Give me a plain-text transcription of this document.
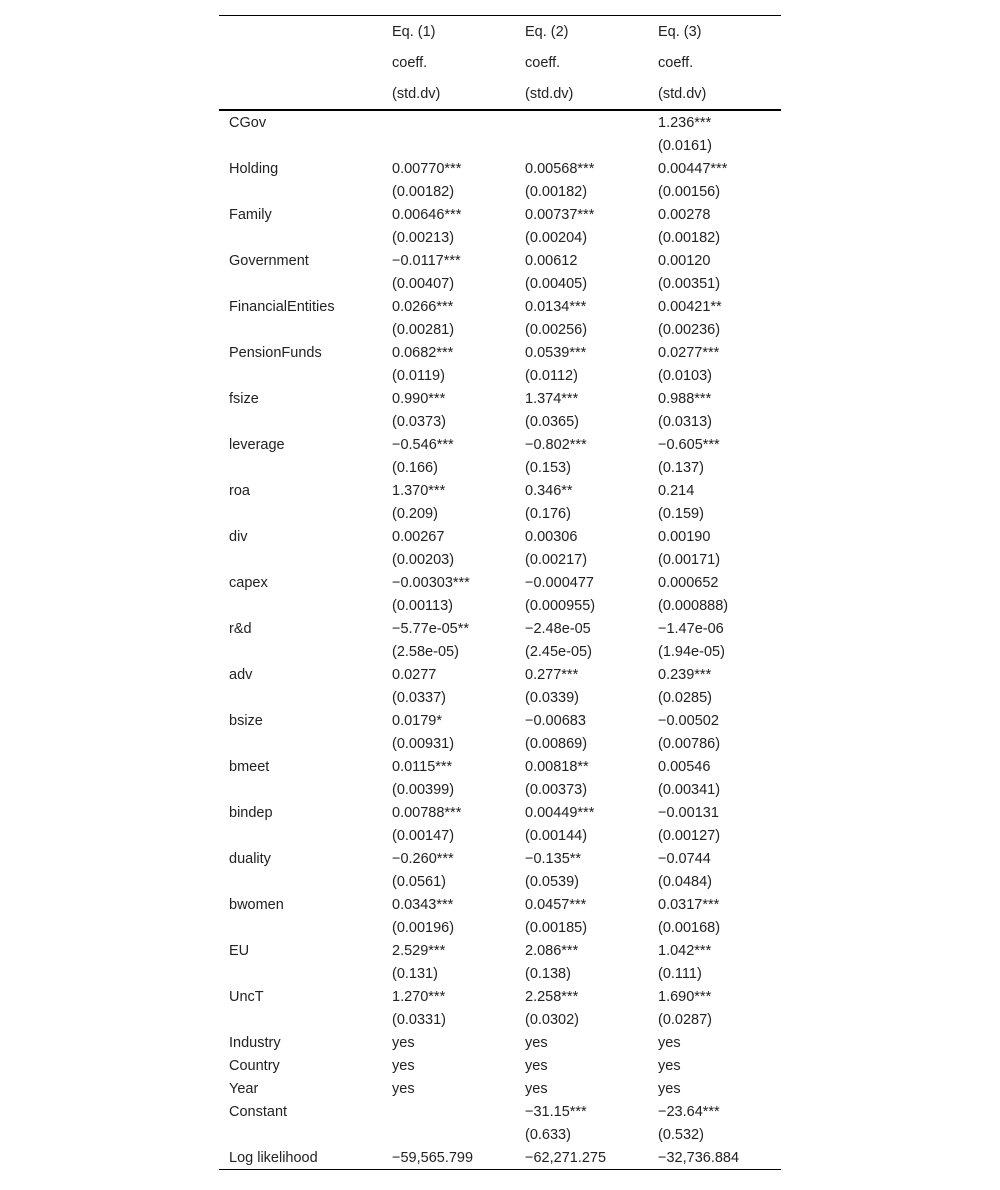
	Eq. (1)	Eq. (2)	Eq. (3)
	coeff.	coeff.	coeff.
	(std.dv)	(std.dv)	(std.dv)
CGov			1.236***
			(0.0161)
Holding	0.00770***	0.00568***	0.00447***
	(0.00182)	(0.00182)	(0.00156)
Family	0.00646***	0.00737***	0.00278
	(0.00213)	(0.00204)	(0.00182)
Government	−0.0117***	0.00612	0.00120
	(0.00407)	(0.00405)	(0.00351)
FinancialEntities	0.0266***	0.0134***	0.00421**
	(0.00281)	(0.00256)	(0.00236)
PensionFunds	0.0682***	0.0539***	0.0277***
	(0.0119)	(0.0112)	(0.0103)
fsize	0.990***	1.374***	0.988***
	(0.0373)	(0.0365)	(0.0313)
leverage	−0.546***	−0.802***	−0.605***
	(0.166)	(0.153)	(0.137)
roa	1.370***	0.346**	0.214
	(0.209)	(0.176)	(0.159)
div	0.00267	0.00306	0.00190
	(0.00203)	(0.00217)	(0.00171)
capex	−0.00303***	−0.000477	0.000652
	(0.00113)	(0.000955)	(0.000888)
r&d	−5.77e-05**	−2.48e-05	−1.47e-06
	(2.58e-05)	(2.45e-05)	(1.94e-05)
adv	0.0277	0.277***	0.239***
	(0.0337)	(0.0339)	(0.0285)
bsize	0.0179*	−0.00683	−0.00502
	(0.00931)	(0.00869)	(0.00786)
bmeet	0.0115***	0.00818**	0.00546
	(0.00399)	(0.00373)	(0.00341)
bindep	0.00788***	0.00449***	−0.00131
	(0.00147)	(0.00144)	(0.00127)
duality	−0.260***	−0.135**	−0.0744
	(0.0561)	(0.0539)	(0.0484)
bwomen	0.0343***	0.0457***	0.0317***
	(0.00196)	(0.00185)	(0.00168)
EU	2.529***	2.086***	1.042***
	(0.131)	(0.138)	(0.111)
UncT	1.270***	2.258***	1.690***
	(0.0331)	(0.0302)	(0.0287)
Industry	yes	yes	yes
Country	yes	yes	yes
Year	yes	yes	yes
Constant		−31.15***	−23.64***
		(0.633)	(0.532)
Log likelihood	−59,565.799	−62,271.275	−32,736.884
